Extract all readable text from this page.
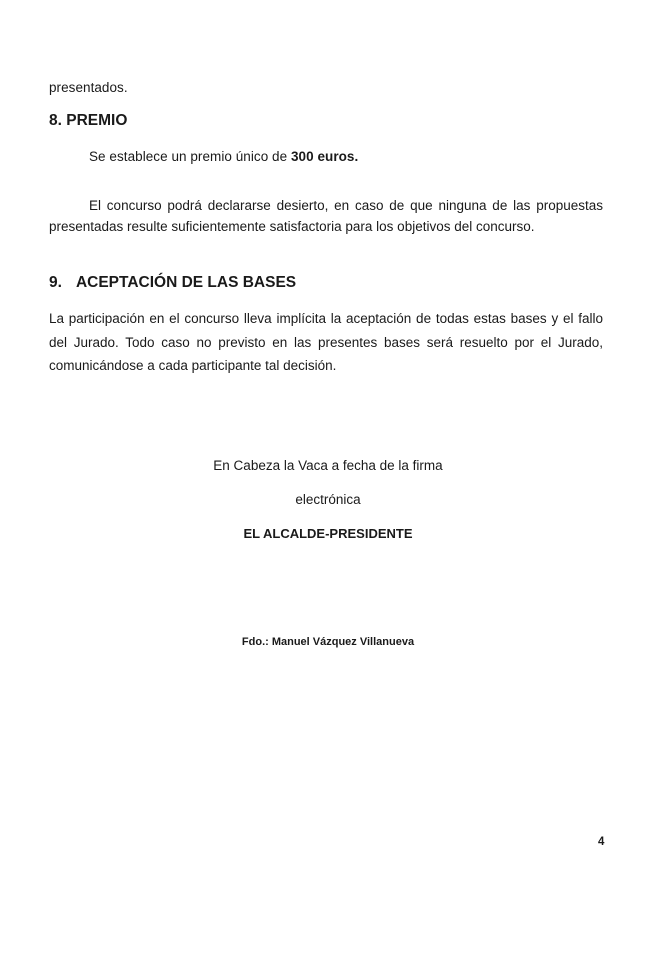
presentados.
8. PREMIO
Se establece un premio único de 300 euros.
El concurso podrá declararse desierto, en caso de que ninguna de las propuestas
presentadas resulte suficientemente satisfactoria para los objetivos del concurso.
9. ACEPTACIÓN DE LAS BASES
La participación en el concurso lleva implícita la aceptación de todas estas bases y el fallo
del Jurado. Todo caso no previsto en las presentes bases será resuelto por el Jurado,
comunicándose a cada participante tal decisión.
En Cabeza la Vaca a fecha de la firma
electrónica
EL ALCALDE-PRESIDENTE
Fdo.: Manuel Vázquez Villanueva
4
